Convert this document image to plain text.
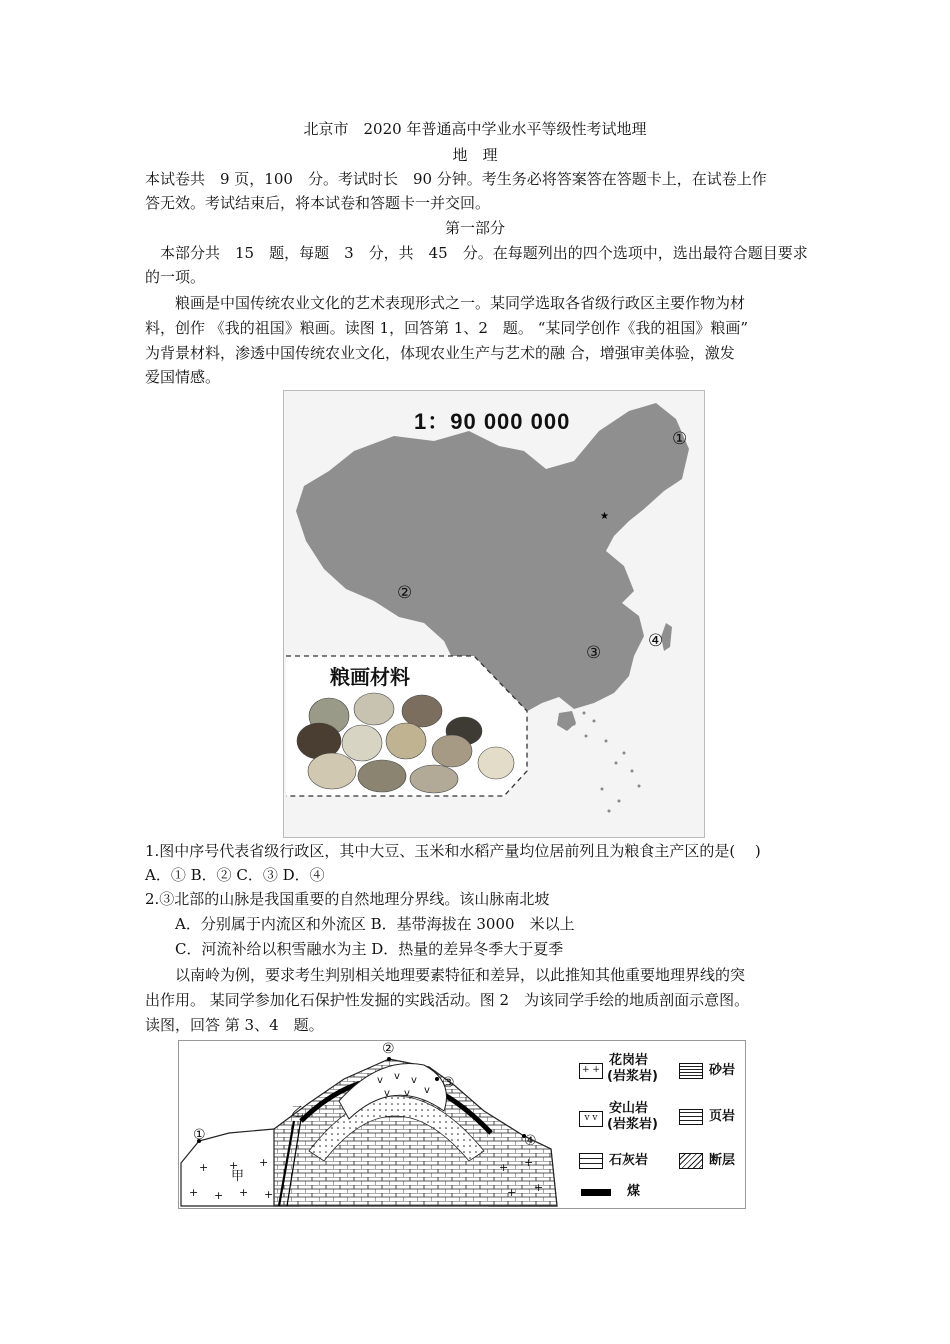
北京市　2020 年普通高中学业水平等级性考试地理
地　理
本试卷共　9 页，100　分。考试时长　90 分钟。考生务必将答案答在答题卡上，在试卷上作
答无效。考试结束后，将本试卷和答题卡一并交回。
第一部分
　本部分共　15　题，每题　3　分，共　45　分。在每题列出的四个选项中，选出最符合题目要求
的一项。
　　粮画是中国传统农业文化的艺术表现形式之一。某同学选取各省级行政区主要作物为材
料，创作 《我的祖国》粮画。读图 1，回答第 1、2　题。 “某同学创作《我的祖国》粮画”
为背景材料，渗透中国传统农业文化，体现农业生产与艺术的融 合，增强审美体验，激发
爱国情感。
★
1：90 000 000
①
②
③
④
粮画材料
1.图中序号代表省级行政区，其中大豆、玉米和水稻产量均位居前列且为粮食主产区的是(　 )
A．① B．② C．③ D．④
2.③北部的山脉是我国重要的自然地理分界线。该山脉南北坡
　　A．分别属于内流区和外流区 B．基带海拔在 3000　米以上
　　C．河流补给以积雪融水为主 D．热量的差异冬季大于夏季
　　以南岭为例，要求考生判别相关地理要素特征和差异，以此推知其他重要地理界线的突
出作用。 某同学参加化石保护性发掘的实践活动。图 2　为该同学手绘的地质剖面示意图。
读图，回答 第 3、4　题。
+ + +
+ + + +
+ +
+
+
v v v
v v v
①
②
③
④
乙
甲
+ +
花岗岩
(岩浆岩)	砂岩
v v
安山岩
(岩浆岩)
页岩
石灰岩	断层
煤
